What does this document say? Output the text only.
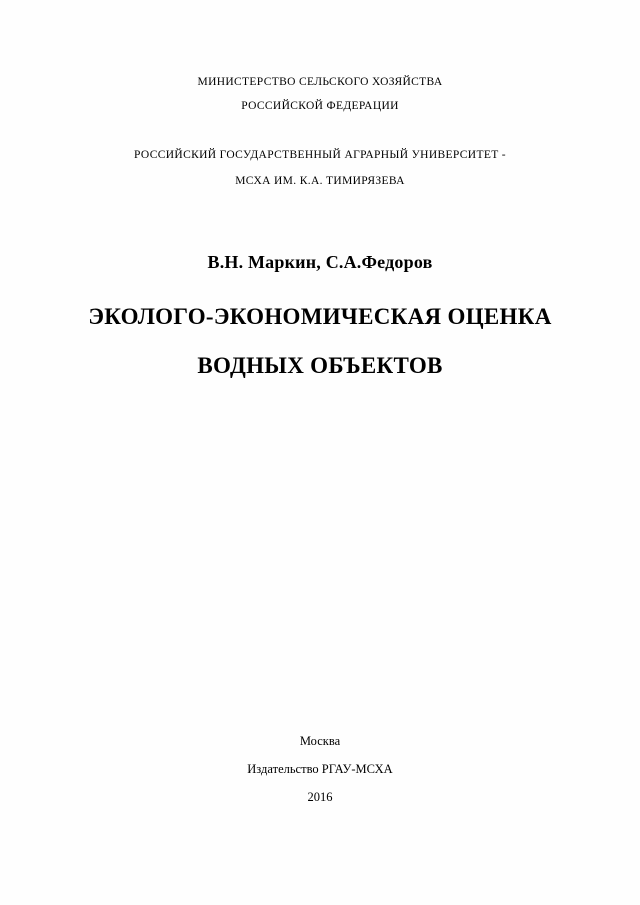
МИНИСТЕРСТВО СЕЛЬСКОГО ХОЗЯЙСТВА
РОССИЙСКОЙ ФЕДЕРАЦИИ
РОССИЙСКИЙ ГОСУДАРСТВЕННЫЙ АГРАРНЫЙ УНИВЕРСИТЕТ -
МСХА ИМ. К.А. ТИМИРЯЗЕВА
В.Н. Маркин, С.А.Федоров
ЭКОЛОГО-ЭКОНОМИЧЕСКАЯ ОЦЕНКА
ВОДНЫХ ОБЪЕКТОВ
Москва
Издательство РГАУ-МСХА
2016
